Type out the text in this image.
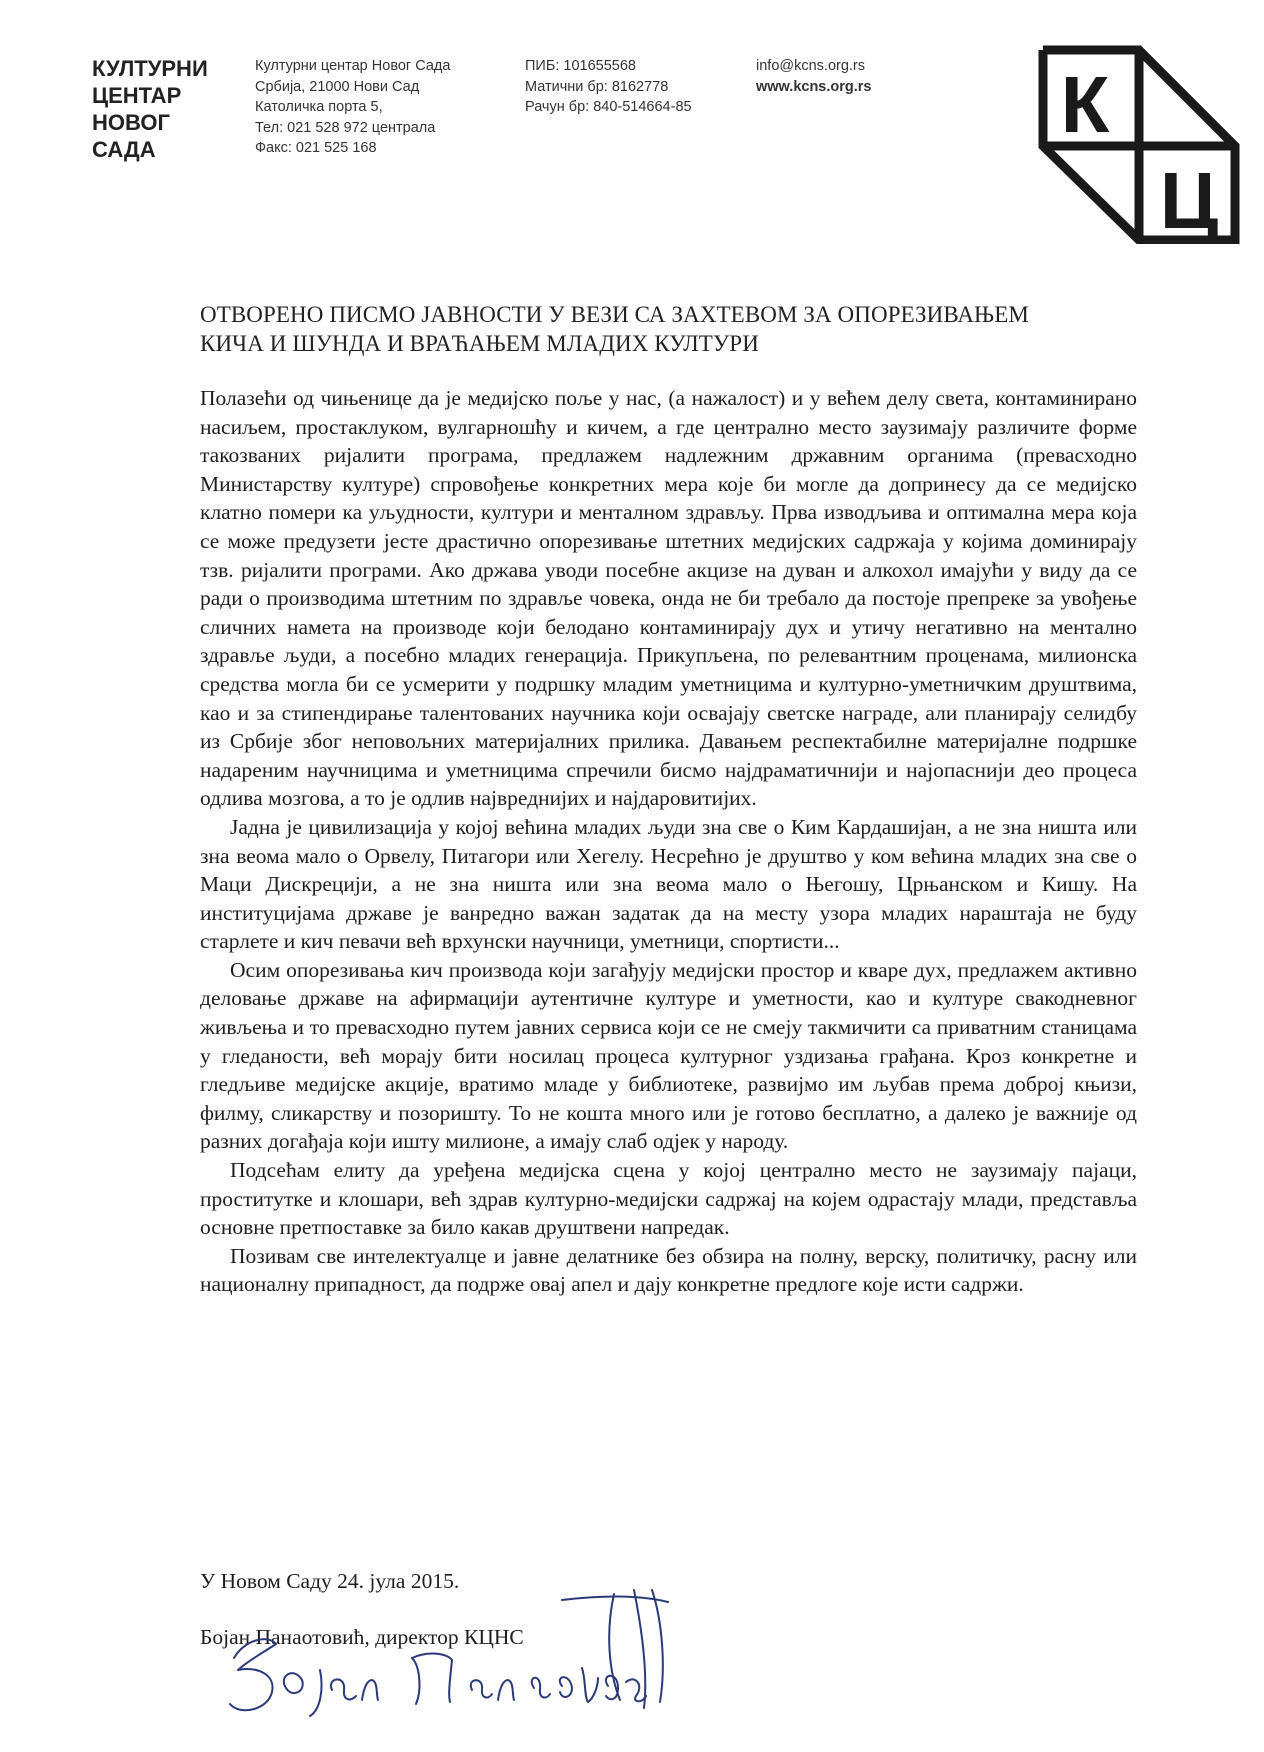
КУЛТУРНИ
ЦЕНТАР
НОВОГ
САДА
Културни центар Новог Сада
Србија, 21000 Нови Сад
Католичка порта 5,
Тел: 021 528 972 централа
Факс: 021 525 168
ПИБ: 101655568
Матични бр: 8162778
Рачун бр: 840-514664-85
info@kcns.org.rs
www.kcns.org.rs К
Ц
ОТВОРЕНО ПИСМО ЈАВНОСТИ У ВЕЗИ СА ЗАХТЕВОМ ЗА ОПОРЕЗИВАЊЕМ
КИЧА И ШУНДА И ВРАЋАЊЕМ МЛАДИХ КУЛТУРИ

Полазећи од чињенице да је медијско поље у нас, (а нажалост) и у већем делу света, контаминирано насиљем, простаклуком, вулгарношћу и кичем, а где централно место заузимају различите форме такозваних ријалити програма, предлажем надлежним државним органима (превасходно Министарству културе) спровођење конкретних мера које би могле да допринесу да се медијско клатно помери ка уљудности, култури и менталном здрављу. Прва изводљива и оптимална мера која се може предузети јесте драстично опорезивање штетних медијских садржаја у којима доминирају тзв. ријалити програми. Ако држава уводи посебне акцизе на дуван и алкохол имајући у виду да се ради о производима штетним по здравље човека, онда не би требало да постоје препреке за увођење сличних намета на производе који белодано контаминирају дух и утичу негативно на ментално здравље људи, а посебно младих генерација. Прикупљена, по релевантним проценама, милионска средства могла би се усмерити у подршку младим уметницима и културно-уметничким друштвима, као и за стипендирање талентованих научника који освајају светске награде, али планирају селидбу из Србије због неповољних материјалних прилика. Давањем респектабилне материјалне подршке надареним научницима и уметницима спречили бисмо најдраматичнији и најопаснији део процеса одлива мозгова, а то је одлив највреднијих и најдаровитијих.

Јадна је цивилизација у којој већина младих људи зна све о Ким Кардашијан, а не зна ништа или зна веома мало о Орвелу, Питагори или Хегелу. Несрећно је друштво у ком већина младих зна све о Маци Дискрецији, а не зна ништа или зна веома мало о Његошу, Црњанском и Кишу. На институцијама државе је ванредно важан задатак да на месту узора младих нараштаја не буду старлете и кич певачи већ врхунски научници, уметници, спортисти...

Осим опорезивања кич производа који загађују медијски простор и кваре дух, предлажем активно деловање државе на афирмацији аутентичне културе и уметности, као и културе свакодневног живљења и то превасходно путем јавних сервиса који се не смеју такмичити са приватним станицама у гледаности, већ морају бити носилац процеса културног уздизања грађана. Кроз конкретне и гледљиве медијске акције, вратимо младе у библиотеке, развијмо им љубав према доброј књизи, филму, сликарству и позоришту. То не кошта много или је готово бесплатно, а далеко је важније од разних догађаја који иштy милионе, а имају слаб одјек у народу.

Подсећам елиту да уређена медијска сцена у којој централно место не заузимају пајаци, проститутке и клошари, већ здрав културно-медијски садржај на којем одрастају млади, представља основне претпоставке за било какав друштвени напредак.

Позивам све интелектуалце и јавне делатнике без обзира на полну, верску, политичку, расну или националну припадност, да подрже овај апел и дају конкретне предлоге које исти садржи.

У Новом Саду 24. јула 2015.
Бојан Панаотовић, директор КЦНС
